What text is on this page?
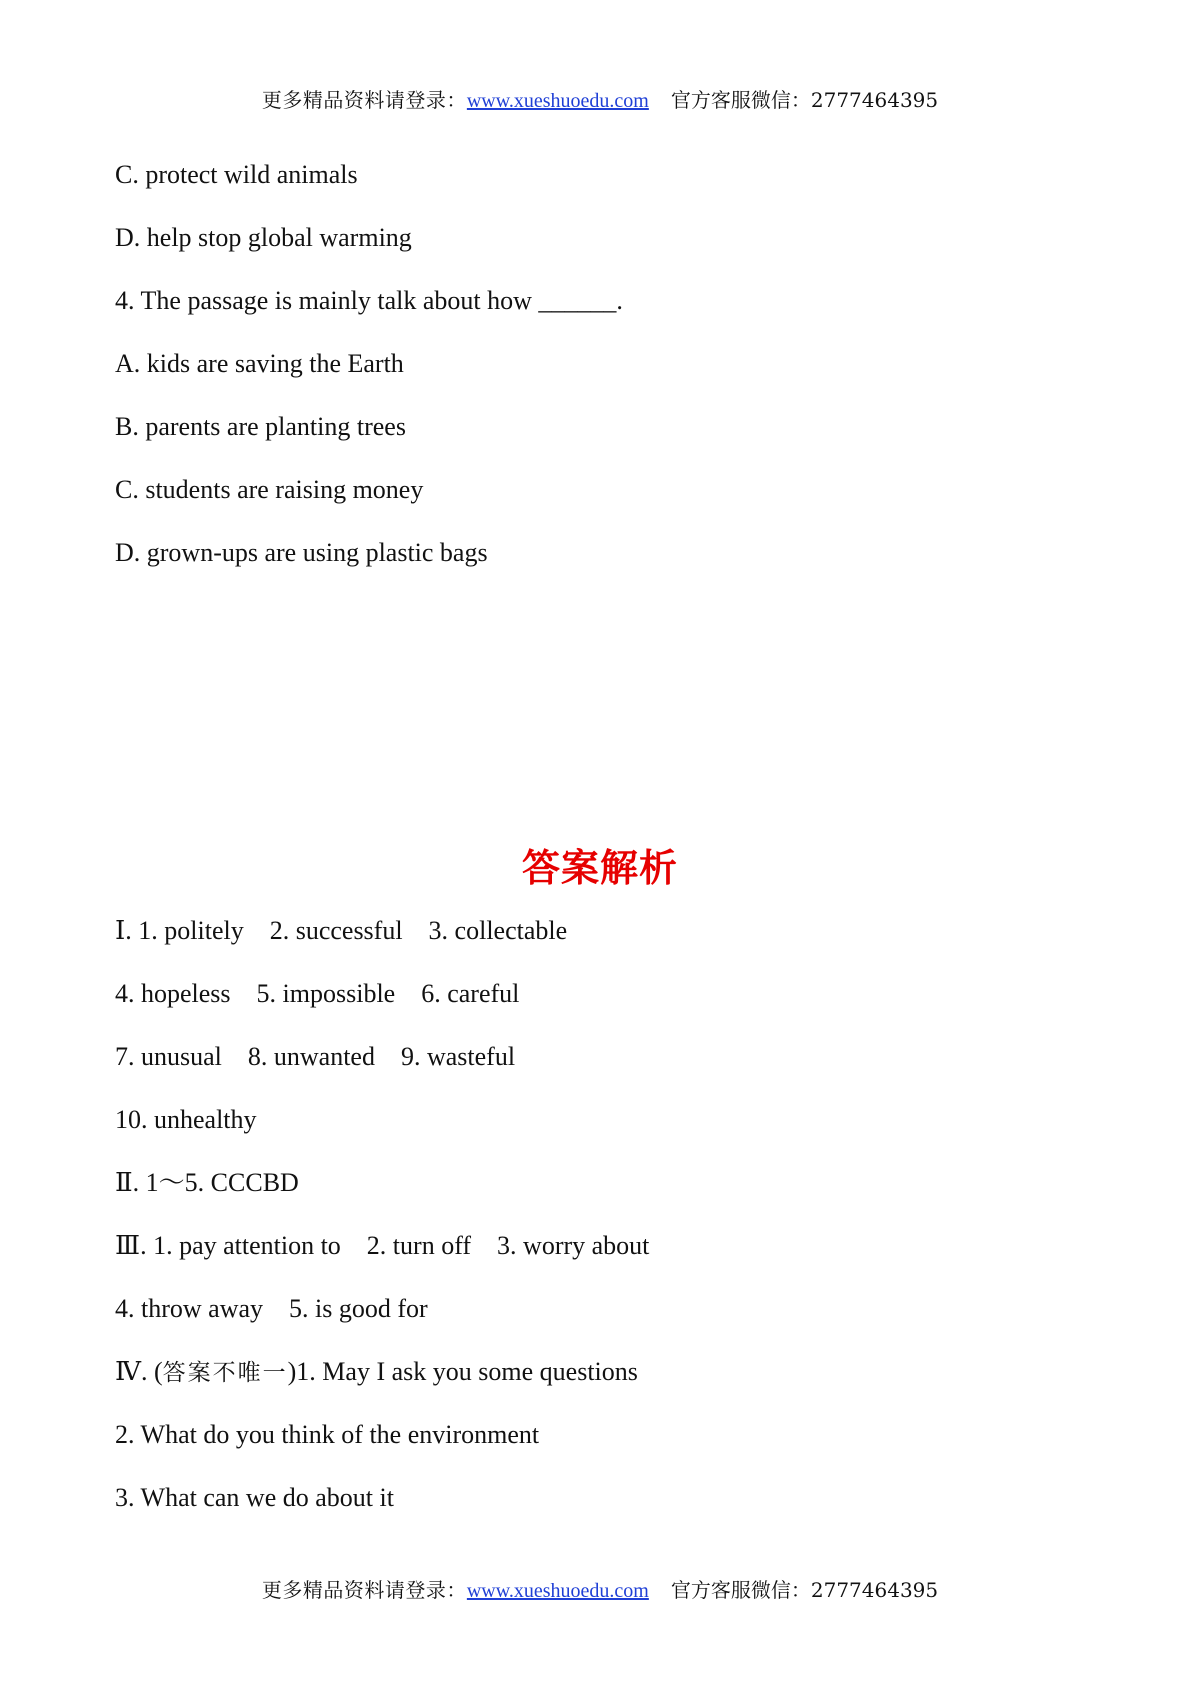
更多精品资料请登录：www.xueshuoedu.com 官方客服微信：2777464395
C. protect wild animals
D. help stop global warming
4. The passage is mainly talk about how ______.
A. kids are saving the Earth
B. parents are planting trees
C. students are raising money
D. grown-ups are using plastic bags
答案解析
Ⅰ. 1. politely　2. successful　3. collectable
4. hopeless　5. impossible　6. careful
7. unusual　8. unwanted　9. wasteful
10. unhealthy
Ⅱ. 1～5. CCCBD
Ⅲ. 1. pay attention to　2. turn off　3. worry about
4. throw away　5. is good for
Ⅳ. (答案不唯一)1. May I ask you some questions
2. What do you think of the environment
3. What can we do about it
更多精品资料请登录：www.xueshuoedu.com 官方客服微信：2777464395
